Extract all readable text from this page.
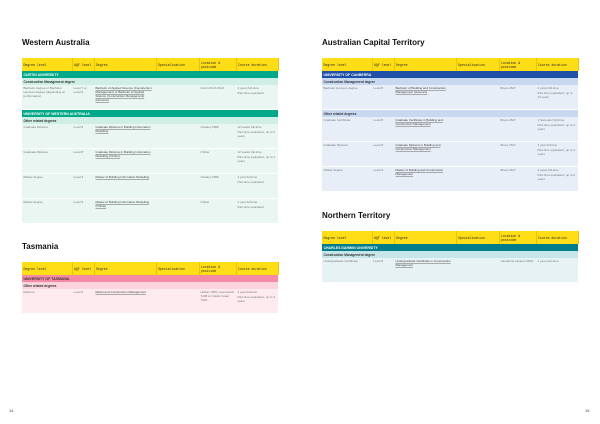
Western Australia
Degree level	AQF level	Degree	Specialisation	Location & postcode	Course duration
CURTIN UNIVERSITY					
Construction Management degree					
Bachelor degree or Bachelor Honours degree (depending on performance)	Level 7 or Level 8	Bachelor of Applied Science (Construction Management) or Bachelor of Applied Science (Construction Management) (Honours)		Curtin Perth 6102	4 years full-time
Part-time equivalent

UNIVERSITY OF WESTERN AUSTRALIA					
Other related degrees					
Graduate Diploma	Level 8	Graduate Diploma in Building Information Modelling		Crawley 6009	12 weeks full-time
Part-time equivalent, up to 2 years

Graduate Diploma	Level 8	Graduate Diploma in Building Information Modelling (Online)		Online	12 weeks full-time
Part-time equivalent, up to 2 years

Master degree	Level 9	Master of Building Information Modelling		Crawley 6009	1 year full-time
Part-time equivalent

Master degree	Level 9	Master of Building Information Modelling (Online)		Online	1 year full-time
Part-time equivalent
Tasmania
Degree level	AQF level	Degree	Specialisation	Location & postcode	Course duration
UNIVERSITY OF TASMANIA					
Other related degrees					
Diploma	Level 5	Diploma of Construction Management		Hobart 7005, Launceston 7248 or Cradle Coast 7320	1 year full-time
Part-time equivalent, up to 3 years
Australian Capital Territory
Degree level	AQF level	Degree	Specialisation	Location & postcode	Course duration
UNIVERSITY OF CANBERRA					
Construction Management degree					
Bachelor Honours degree	Level 8	Bachelor of Building and Construction Management (Honours)		Bruce 2617	4 years full-time
Part-time equivalent, up to 10 years

Other related degrees					
Graduate Certificate	Level 8	Graduate Certificate in Building and Construction Management		Bruce 2617	1 Semester full-time
Part-time equivalent, up to 3 years

Graduate Diploma	Level 8	Graduate Diploma in Building and Construction Management		Bruce 2617	1 year full-time
Part-time equivalent, up to 4 years

Master degree	Level 9	Master of Building and Construction Management		Bruce 2617	2 years full-time
Part-time equivalent, up to 6 years
Northern Territory
Degree level	AQF level	Degree	Specialisation	Location & postcode	Course duration
CHARLES DARWIN UNIVERSITY					
Construction Management degree					
Undergraduate Certificate	Level 8	Undergraduate Certificate in Construction Management		Casuarina campus 0909	1 year part-time
14	15
